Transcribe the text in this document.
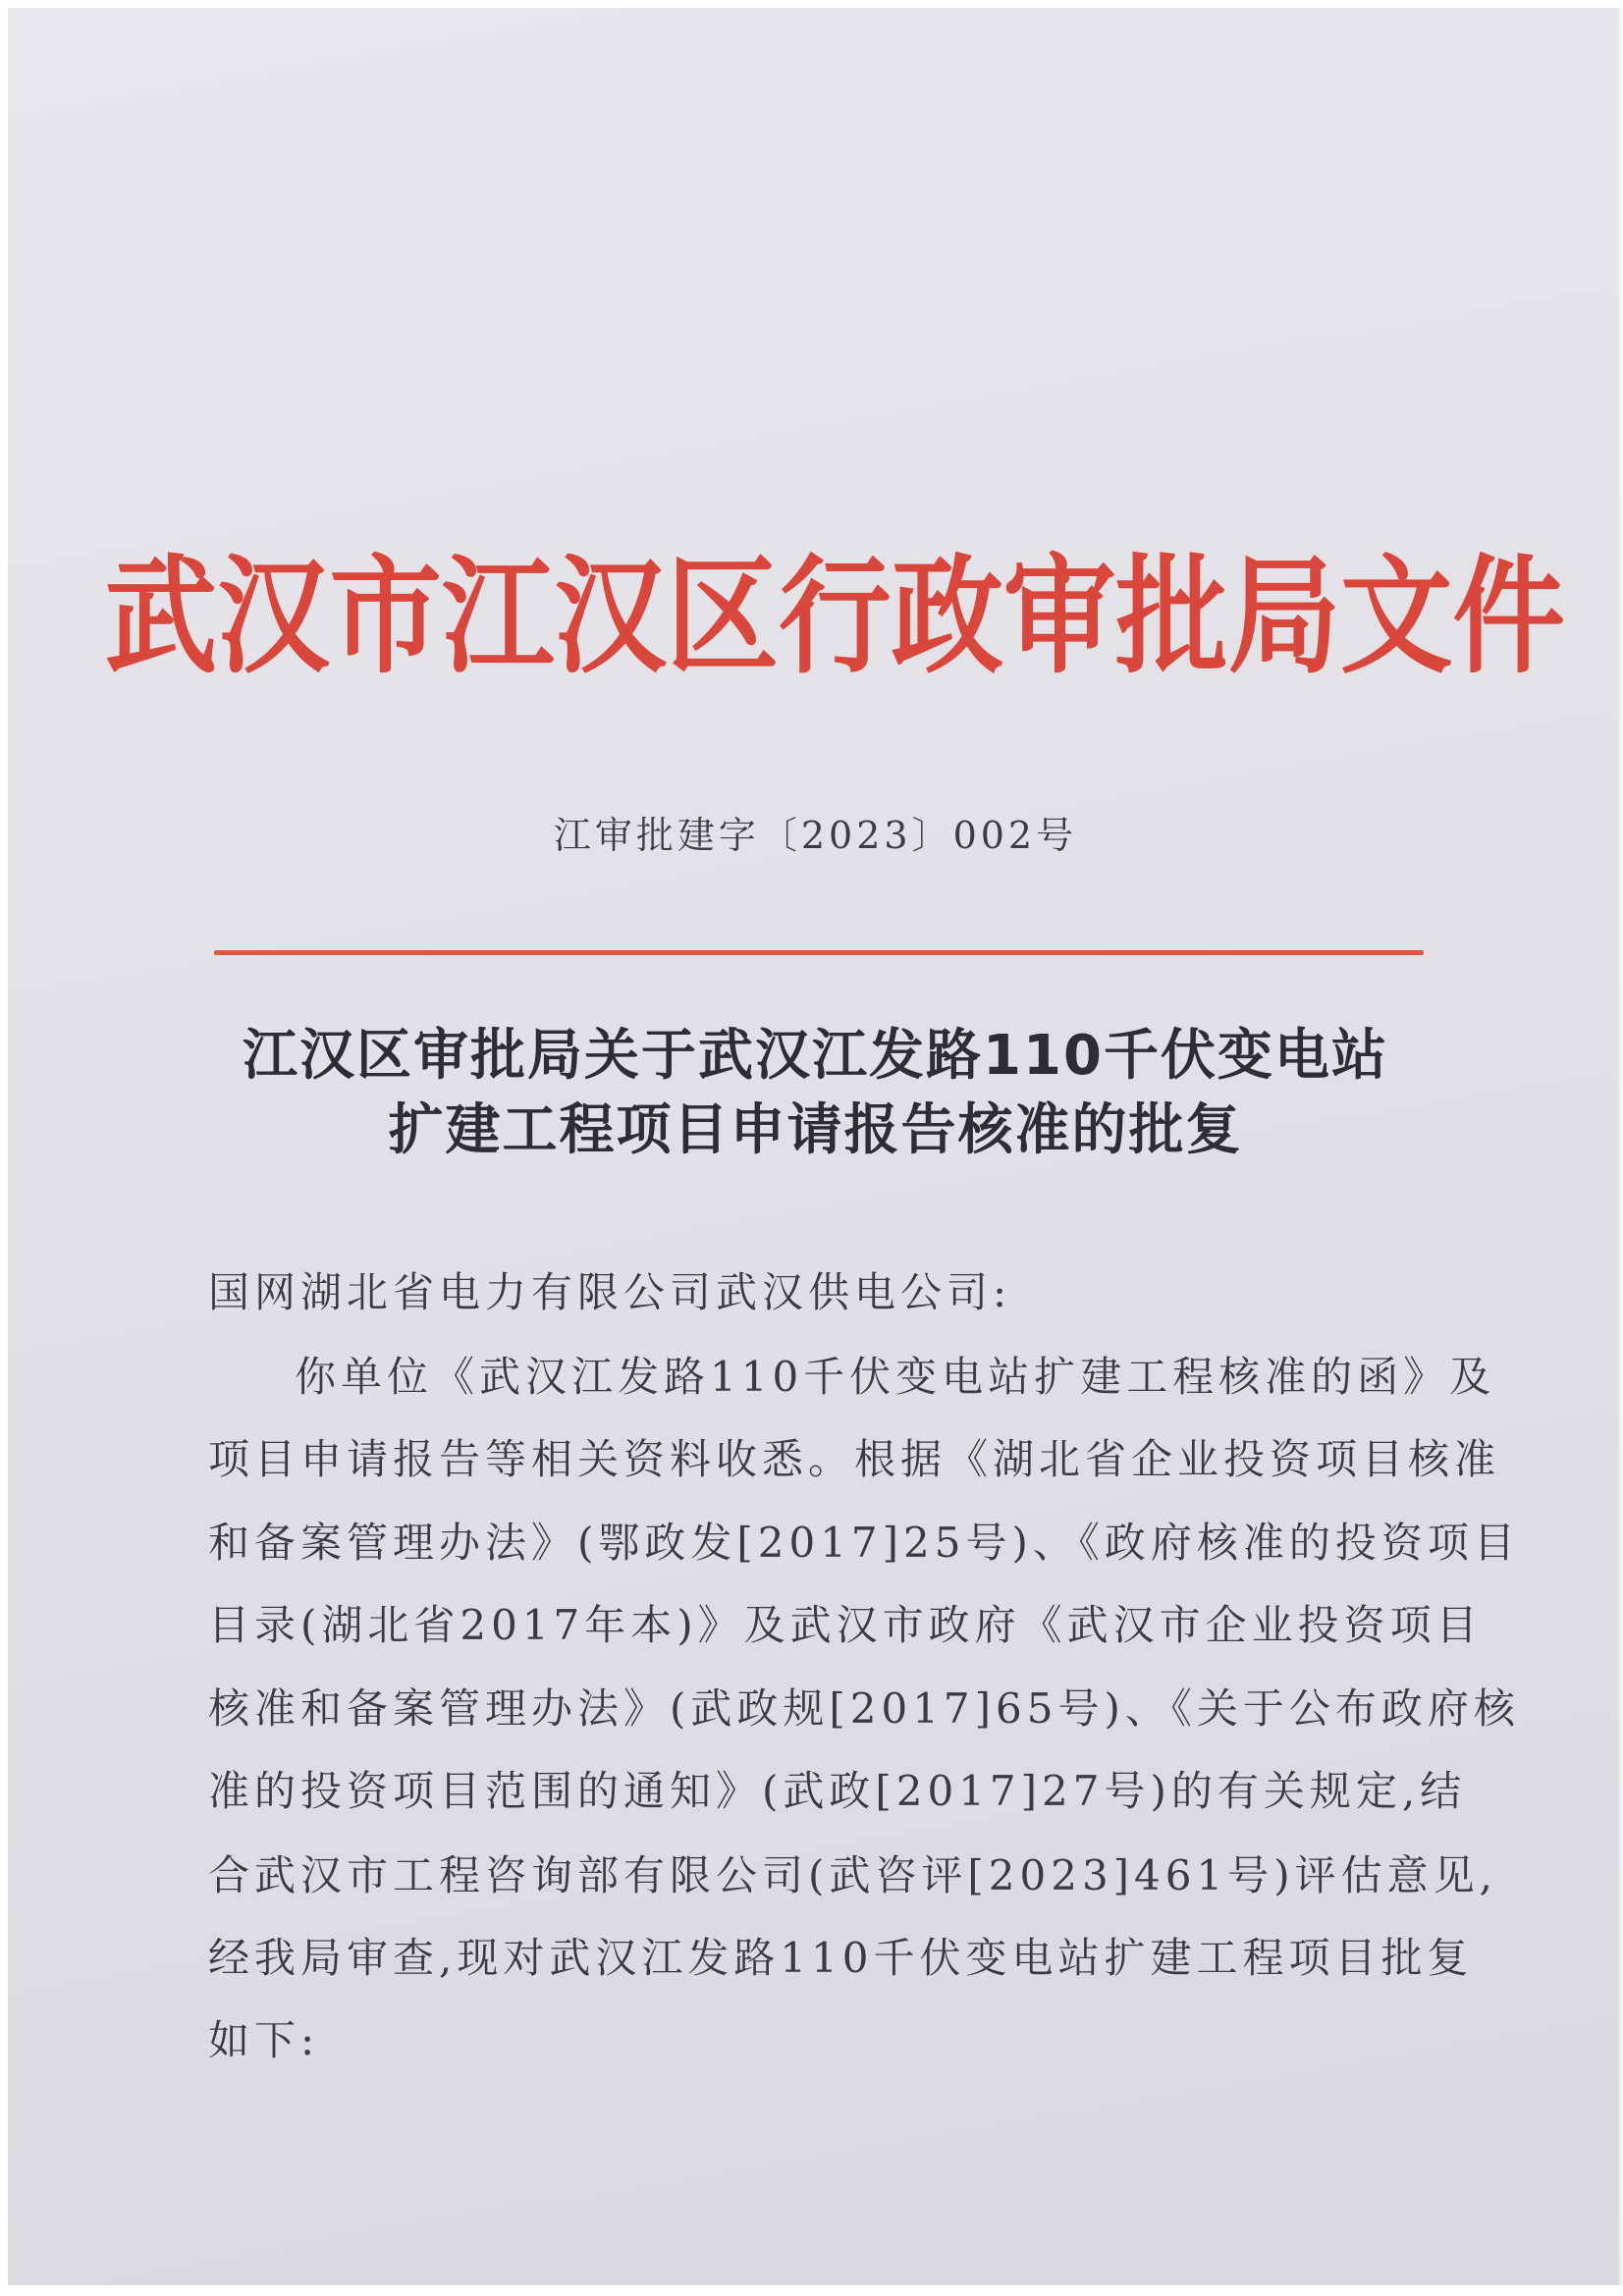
武汉市江汉区行政审批局文件
江审批建字〔2023〕002号
江汉区审批局关于武汉江发路110千伏变电站
扩建工程项目申请报告核准的批复
国网湖北省电力有限公司武汉供电公司:
你单位《武汉江发路110千伏变电站扩建工程核准的函》及
项目申请报告等相关资料收悉。根据《湖北省企业投资项目核准
和备案管理办法》(鄂政发[2017]25号)、《政府核准的投资项目
目录(湖北省2017年本)》及武汉市政府《武汉市企业投资项目
核准和备案管理办法》(武政规[2017]65号)、《关于公布政府核
准的投资项目范围的通知》(武政[2017]27号)的有关规定,结
合武汉市工程咨询部有限公司(武咨评[2023]461号)评估意见,
经我局审查,现对武汉江发路110千伏变电站扩建工程项目批复
如下:
